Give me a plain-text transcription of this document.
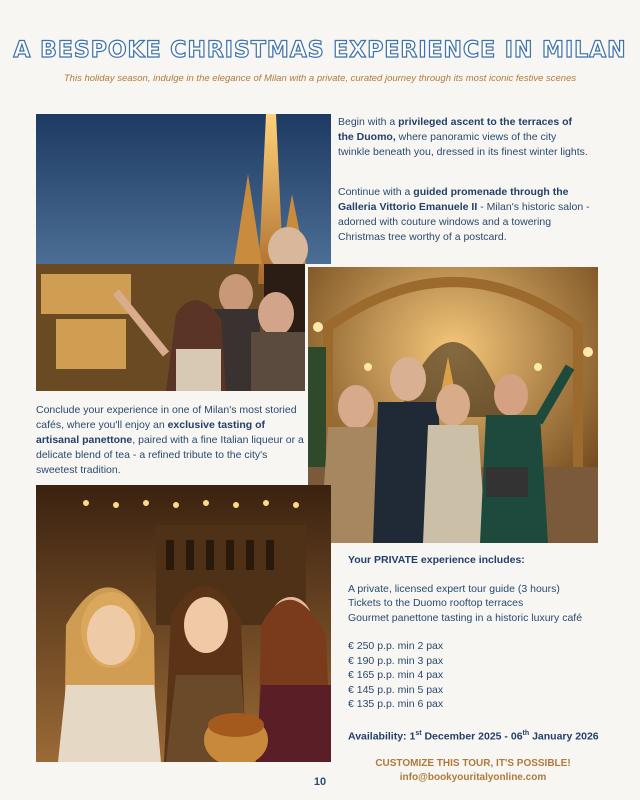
A BESPOKE CHRISTMAS EXPERIENCE IN MILAN

This holiday season, indulge in the elegance of Milan with a private, curated journey through its most iconic festive scenes

Begin with a privileged ascent to the terraces of the Duomo, where panoramic views of the city twinkle beneath you, dressed in its finest winter lights.

Continue with a guided promenade through the Galleria Vittorio Emanuele II - Milan's historic salon - adorned with couture windows and a towering Christmas tree worthy of a postcard.

Conclude your experience in one of Milan's most storied cafés, where you'll enjoy an exclusive tasting of artisanal panettone, paired with a fine Italian liqueur or a delicate blend of tea - a refined tribute to the city's sweetest tradition.

Your PRIVATE experience includes:
A private, licensed expert tour guide (3 hours)
Tickets to the Duomo rooftop terraces
Gourmet panettone tasting in a historic luxury café
€ 250 p.p. min 2 pax
€ 190 p.p. min 3 pax
€ 165 p.p. min 4 pax
€ 145 p.p. min 5 pax
€ 135 p.p. min 6 pax
Availability: 1st December 2025 - 06th January 2026
10
CUSTOMIZE THIS TOUR, IT'S POSSIBLE!
info@bookyouritalyonline.com
